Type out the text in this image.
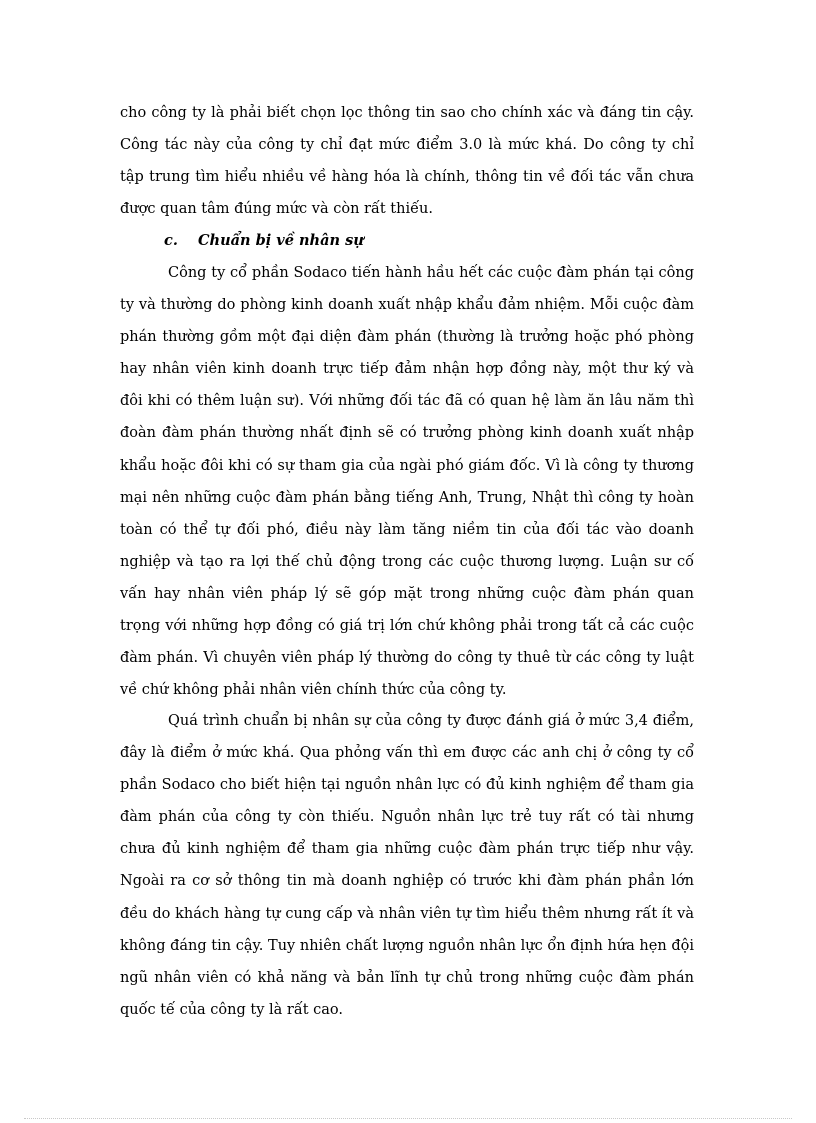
cho công ty là phải biết chọn lọc thông tin sao cho chính xác và đáng tin cậy. Công tác này của công ty chỉ đạt mức điểm 3.0 là mức khá. Do công ty chỉ tập trung tìm hiểu nhiều về hàng hóa là chính, thông tin về đối tác vẫn chưa được quan tâm đúng mức và còn rất thiếu.

c. Chuẩn bị về nhân sự

Công ty cổ phần Sodaco tiến hành hầu hết các cuộc đàm phán tại công ty và thường do phòng kinh doanh xuất nhập khẩu đảm nhiệm. Mỗi cuộc đàm phán thường gồm một đại diện đàm phán (thường là trưởng hoặc phó phòng hay nhân viên kinh doanh trực tiếp đảm nhận hợp đồng này, một thư ký và đôi khi có thêm luận sư). Với những đối tác đã có quan hệ làm ăn lâu năm thì đoàn đàm phán thường nhất định sẽ có trưởng phòng kinh doanh xuất nhập khẩu hoặc đôi khi có sự tham gia của ngài phó giám đốc. Vì là công ty thương mại nên những cuộc đàm phán bằng tiếng Anh, Trung, Nhật thì công ty hoàn toàn có thể tự đối phó, điều này làm tăng niềm tin của đối tác vào doanh nghiệp và tạo ra lợi thế chủ động trong các cuộc thương lượng. Luận sư cố vấn hay nhân viên pháp lý sẽ góp mặt trong những cuộc đàm phán quan trọng với những hợp đồng có giá trị lớn chứ không phải trong tất cả các cuộc đàm phán. Vì chuyên viên pháp lý thường do công ty thuê từ các công ty luật về chứ không phải nhân viên chính thức của công ty.

Quá trình chuẩn bị nhân sự của công ty được đánh giá ở mức 3,4 điểm, đây là điểm ở mức khá. Qua phỏng vấn thì em được các anh chị ở công ty cổ phần Sodaco cho biết hiện tại nguồn nhân lực có đủ kinh nghiệm để tham gia đàm phán của công ty còn thiếu. Nguồn nhân lực trẻ tuy rất có tài nhưng chưa đủ kinh nghiệm để tham gia những cuộc đàm phán trực tiếp như vậy. Ngoài ra cơ sở thông tin mà doanh nghiệp có trước khi đàm phán phần lớn đều do khách hàng tự cung cấp và nhân viên tự tìm hiểu thêm nhưng rất ít và không đáng tin cậy. Tuy nhiên chất lượng nguồn nhân lực ổn định hứa hẹn đội ngũ nhân viên có khả năng và bản lĩnh tự chủ trong những cuộc đàm phán quốc tế của công ty là rất cao.
